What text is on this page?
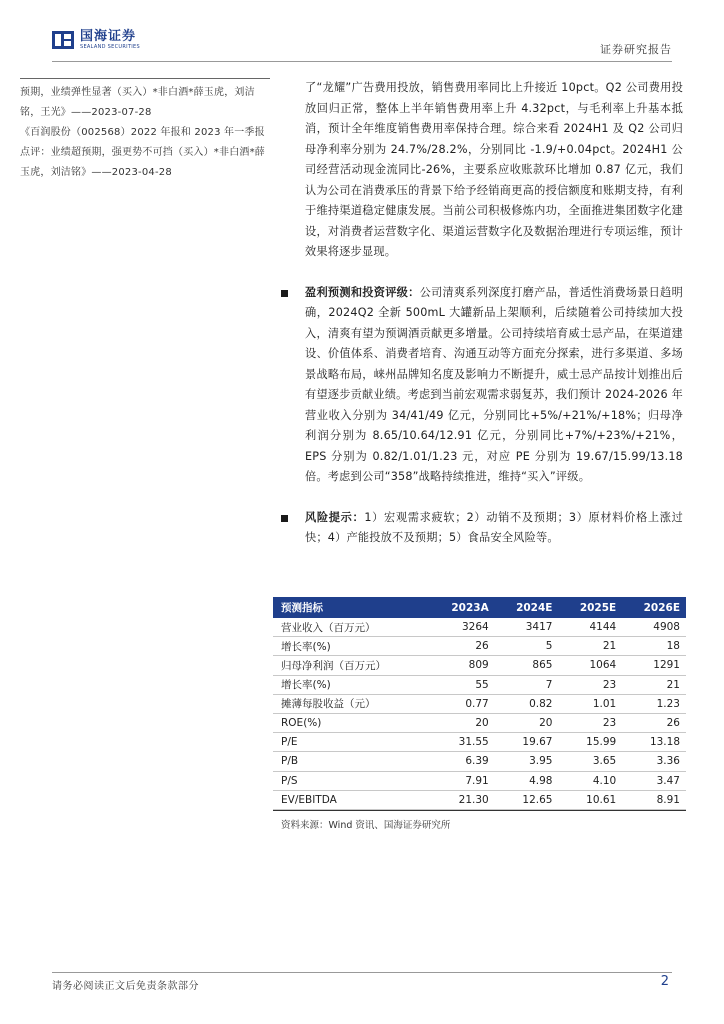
国海证券
SEALAND SECURITIES	证券研究报告

预期，业绩弹性显著（买入）*非白酒*薛玉虎，刘洁铭，王光》——2023-07-28

《百润股份（002568）2022 年报和 2023 年一季报点评：业绩超预期，强更势不可挡（买入）*非白酒*薛玉虎，刘洁铭》——2023-04-28

了“龙耀”广告费用投放，销售费用率同比上升接近 10pct。Q2 公司费用投放回归正常，整体上半年销售费用率上升 4.32pct，与毛利率上升基本抵消，预计全年维度销售费用率保持合理。综合来看 2024H1 及 Q2 公司归母净利率分别为 24.7%/28.2%，分别同比 -1.9/+0.04pct。2024H1 公司经营活动现金流同比-26%，主要系应收账款环比增加 0.87 亿元，我们认为公司在消费承压的背景下给予经销商更高的授信额度和账期支持，有利于维持渠道稳定健康发展。当前公司积极修炼内功，全面推进集团数字化建设，对消费者运营数字化、渠道运营数字化及数据治理进行专项运维，预计效果将逐步显现。

盈利预测和投资评级：公司清爽系列深度打磨产品，普适性消费场景日趋明确，2024Q2 全新 500mL 大罐新品上架顺利，后续随着公司持续加大投入，清爽有望为预调酒贡献更多增量。公司持续培育威士忌产品，在渠道建设、价值体系、消费者培育、沟通互动等方面充分探索，进行多渠道、多场景战略布局，崃州品牌知名度及影响力不断提升，威士忌产品按计划推出后有望逐步贡献业绩。考虑到当前宏观需求弱复苏，我们预计 2024-2026 年营业收入分别为 34/41/49 亿元，分别同比+5%/+21%/+18%；归母净利润分别为 8.65/10.64/12.91 亿元，分别同比+7%/+23%/+21%，EPS 分别为 0.82/1.01/1.23 元，对应 PE 分别为 19.67/15.99/13.18 倍。考虑到公司“358”战略持续推进，维持“买入”评级。

风险提示：1）宏观需求疲软；2）动销不及预期；3）原材料价格上涨过快；4）产能投放不及预期；5）食品安全风险等。

预测指标	2023A	2024E	2025E	2026E
营业收入（百万元）	3264	3417	4144	4908
增长率(%)	26	5	21	18
归母净利润（百万元）	809	865	1064	1291
增长率(%)	55	7	23	21
摊薄每股收益（元）	0.77	0.82	1.01	1.23
ROE(%)	20	20	23	26
P/E	31.55	19.67	15.99	13.18
P/B	6.39	3.95	3.65	3.36
P/S	7.91	4.98	4.10	3.47
EV/EBITDA	21.30	12.65	10.61	8.91
资料来源：Wind 资讯、国海证券研究所
请务必阅读正文后免责条款部分	2
